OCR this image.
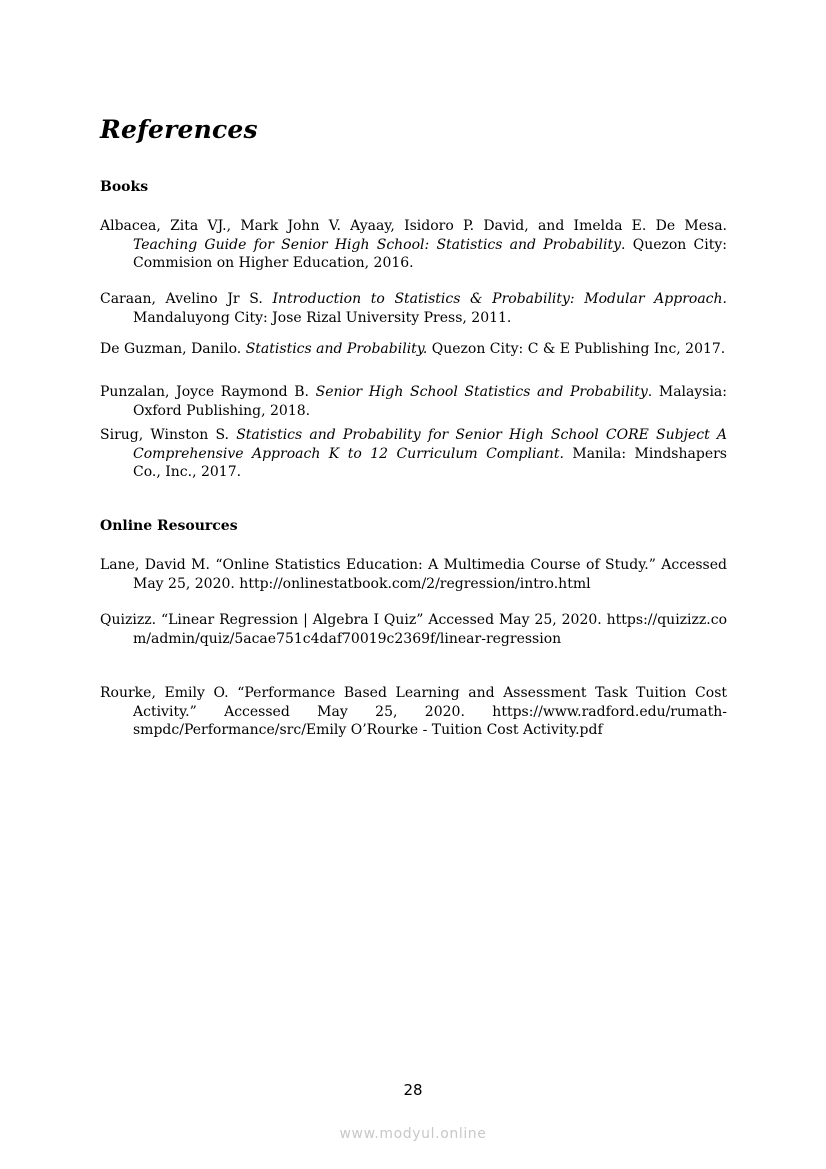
References
Books
Albacea, Zita VJ., Mark John V. Ayaay, Isidoro P. David, and Imelda E. De Mesa. Teaching Guide for Senior High School: Statistics and Probability. Quezon City: Commision on Higher Education, 2016.
Caraan, Avelino Jr S. Introduction to Statistics & Probability: Modular Approach. Mandaluyong City: Jose Rizal University Press, 2011.
De Guzman, Danilo. Statistics and Probability. Quezon City: C & E Publishing Inc, 2017.
Punzalan, Joyce Raymond B. Senior High School Statistics and Probability. Malaysia: Oxford Publishing, 2018.
Sirug, Winston S. Statistics and Probability for Senior High School CORE Subject A Comprehensive Approach K to 12 Curriculum Compliant. Manila: Mindshapers Co., Inc., 2017.
Online Resources
Lane, David M. “Online Statistics Education: A Multimedia Course of Study.” Accessed May 25, 2020. http://onlinestatbook.com/2/regression/intro.html
Quizizz. “Linear Regression | Algebra I Quiz” Accessed May 25, 2020. https://quizizz.com/admin/quiz/5acae751c4daf70019c2369f/linear-regression
Rourke, Emily O. “Performance Based Learning and Assessment Task Tuition Cost Activity.” Accessed May 25, 2020. https://www.radford.edu/rumath-smpdc/Performance/src/Emily O’Rourke - Tuition Cost Activity.pdf
28
www.modyul.online
